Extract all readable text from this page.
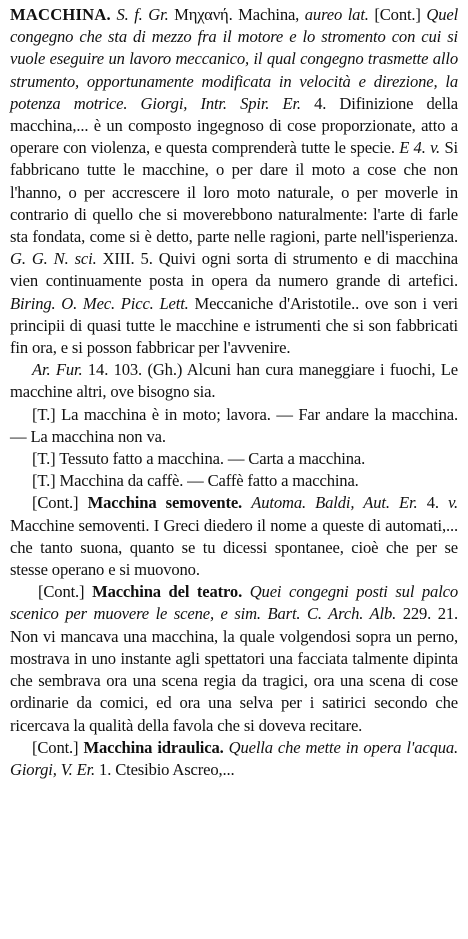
MACCHINA. S. f. Gr. Μηχανή. Machina, aureo lat. [Cont.] Quel congegno che sta di mezzo fra il motore e lo stromento con cui si vuole eseguire un lavoro meccanico, il qual congegno trasmette allo strumento, opportunamente modificata in velocità e direzione, la potenza motrice. Giorgi, Intr. Spir. Er. 4. Difinizione della macchina,... è un composto ingegnoso di cose proporzionate, atto a operare con violenza, e questa comprenderà tutte le specie. E 4. v. Si fabbricano tutte le macchine, o per dare il moto a cose che non l'hanno, o per accrescere il loro moto naturale, o per moverle in contrario di quello che si moverebbono naturalmente: l'arte di farle sta fondata, come si è detto, parte nelle ragioni, parte nell'isperienza. G. G. N. sci. XIII. 5. Quivi ogni sorta di strumento e di macchina vien continuamente posta in opera da numero grande di artefici. Biring. O. Mec. Picc. Lett. Meccaniche d'Aristotile.. ove son i veri principii di quasi tutte le macchine e istrumenti che si son fabbricati fin ora, e si posson fabbricar per l'avvenire.

Ar. Fur. 14. 103. (Gh.) Alcuni han cura maneggiare i fuochi, Le macchine altri, ove bisogno sia.

[T.] La macchina è in moto; lavora. — Far andare la macchina. — La macchina non va.

[T.] Tessuto fatto a macchina. — Carta a macchina.

[T.] Macchina da caffè. — Caffè fatto a macchina.

[Cont.] Macchina semovente. Automa. Baldi, Aut. Er. 4. v. Macchine semoventi. I Greci diedero il nome a queste di automati,... che tanto suona, quanto se tu dicessi spontanee, cioè che per se stesse operano e si muovono.

[Cont.] Macchina del teatro. Quei congegni posti sul palco scenico per muovere le scene, e sim. Bart. C. Arch. Alb. 229. 21. Non vi mancava una macchina, la quale volgendosi sopra un perno, mostrava in uno instante agli spettatori una facciata talmente dipinta che sembrava ora una scena regia da tragici, ora una scena di cose ordinarie da comici, ed ora una selva per i satirici secondo che ricercava la qualità della favola che si doveva recitare.

[Cont.] Macchina idraulica. Quella che mette in opera l'acqua. Giorgi, V. Er. 1. Ctesibio Ascreo,...
